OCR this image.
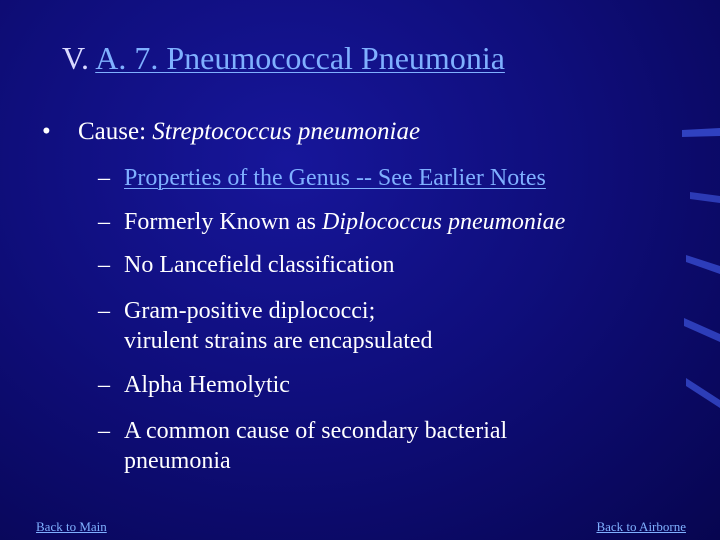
V. A. 7. Pneumococcal Pneumonia
• Cause: Streptococcus pneumoniae
– Properties of the Genus -- See Earlier Notes
– Formerly Known as Diplococcus pneumoniae
– No Lancefield classification
– Gram-positive diplococci;
virulent strains are encapsulated
– Alpha Hemolytic
– A common cause of secondary bacterial
pneumonia
Back to Main	Back to Airborne
